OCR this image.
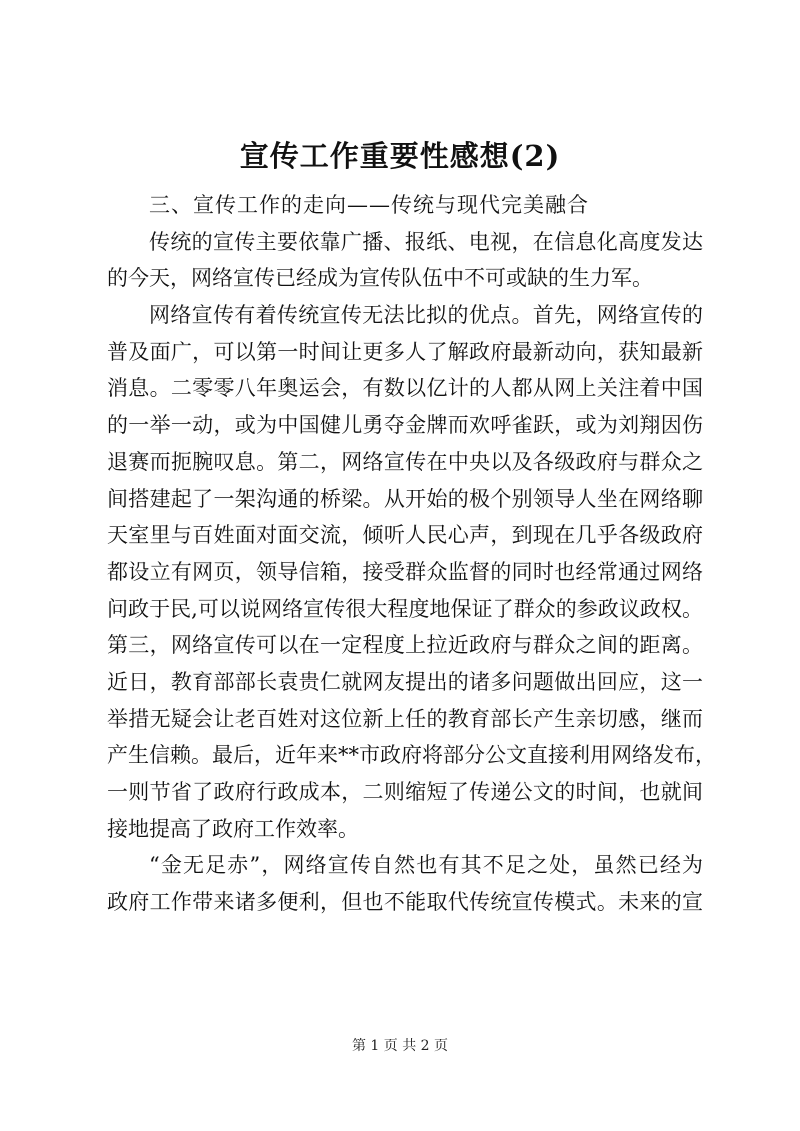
宣传工作重要性感想(2)
三、宣传工作的走向——传统与现代完美融合
传统的宣传主要依靠广播、报纸、电视，在信息化高度发达
的今天，网络宣传已经成为宣传队伍中不可或缺的生力军。
网络宣传有着传统宣传无法比拟的优点。首先，网络宣传的
普及面广，可以第一时间让更多人了解政府最新动向，获知最新
消息。二零零八年奥运会，有数以亿计的人都从网上关注着中国
的一举一动，或为中国健儿勇夺金牌而欢呼雀跃，或为刘翔因伤
退赛而扼腕叹息。第二，网络宣传在中央以及各级政府与群众之
间搭建起了一架沟通的桥梁。从开始的极个别领导人坐在网络聊
天室里与百姓面对面交流，倾听人民心声，到现在几乎各级政府
都设立有网页，领导信箱，接受群众监督的同时也经常通过网络
问政于民,可以说网络宣传很大程度地保证了群众的参政议政权。
第三，网络宣传可以在一定程度上拉近政府与群众之间的距离。
近日，教育部部长袁贵仁就网友提出的诸多问题做出回应，这一
举措无疑会让老百姓对这位新上任的教育部长产生亲切感，继而
产生信赖。最后，近年来**市政府将部分公文直接利用网络发布，
一则节省了政府行政成本，二则缩短了传递公文的时间，也就间
接地提高了政府工作效率。
“金无足赤”，网络宣传自然也有其不足之处，虽然已经为
政府工作带来诸多便利，但也不能取代传统宣传模式。未来的宣
第 1 页 共 2 页
